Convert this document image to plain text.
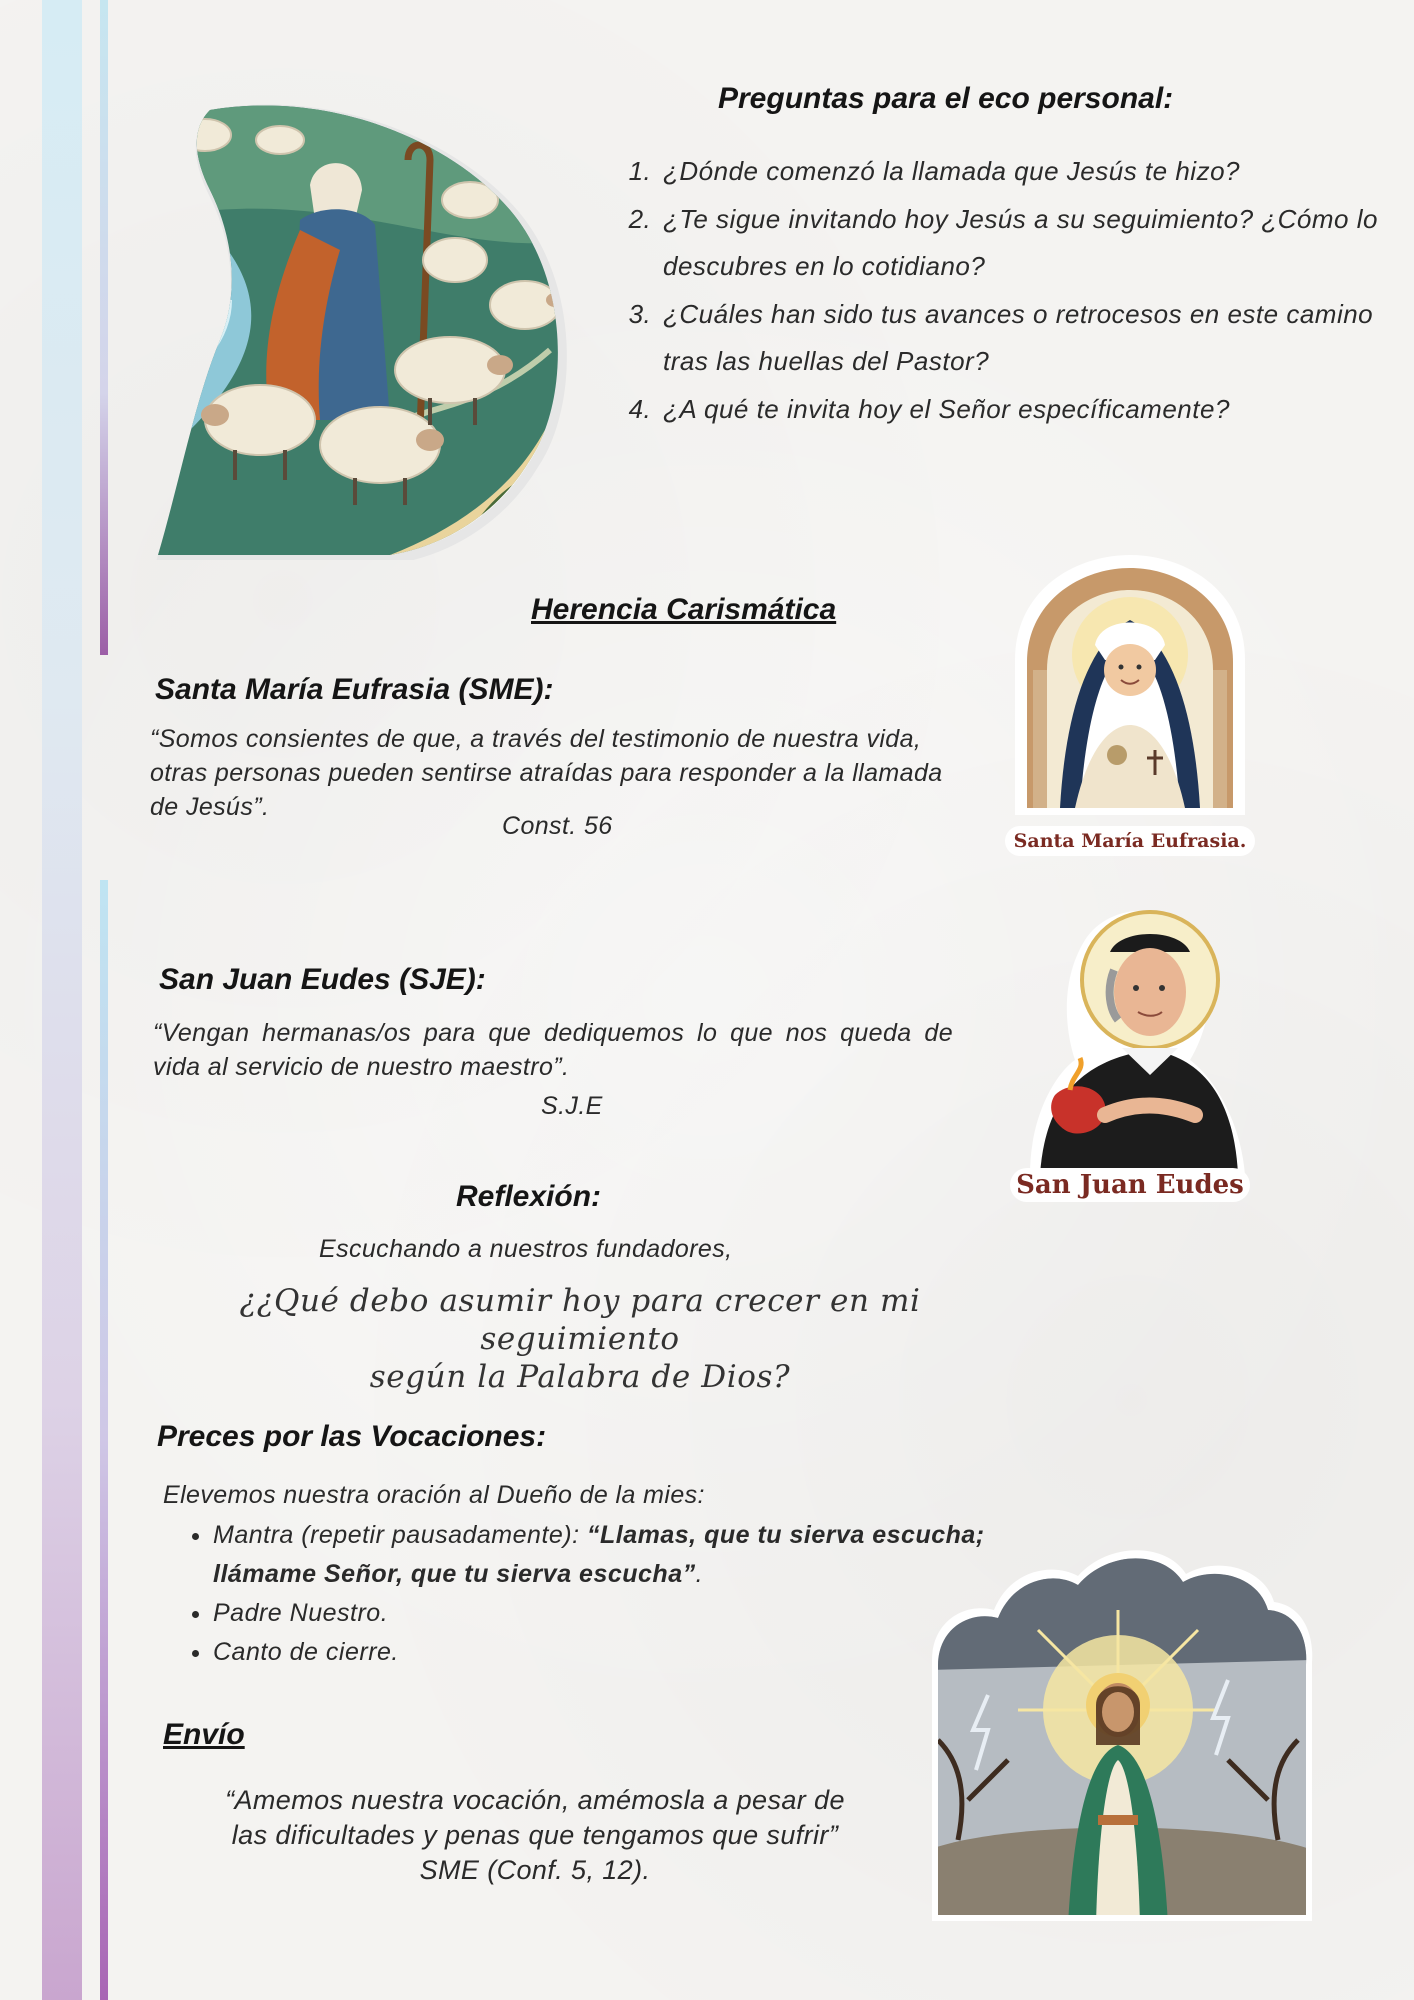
Preguntas para el eco personal:
1. ¿Dónde comenzó la llamada que Jesús te hizo?
2. ¿Te sigue invitando hoy Jesús a su seguimiento? ¿Cómo lo descubres en lo cotidiano?
3. ¿Cuáles han sido tus avances o retrocesos en este camino tras las huellas del Pastor?
4. ¿A qué te invita hoy el Señor específicamente?
Herencia Carismática
Santa María Eufrasia (SME):
“Somos consientes de que, a través del testimonio de nuestra vida, otras personas pueden sentirse atraídas para responder a la llamada de Jesús”.
Const. 56
Santa María Eufrasia.
San Juan Eudes (SJE):
“Vengan hermanas/os para que dediquemos lo que nos queda de vida al servicio de nuestro maestro”.
S.J.E
San Juan Eudes
Reflexión:
Escuchando a nuestros fundadores,
¿¿Qué debo asumir hoy para crecer en mi seguimiento
según la Palabra de Dios?
Preces por las Vocaciones:
Elevemos nuestra oración al Dueño de la mies:
• Mantra (repetir pausadamente): “Llamas, que tu sierva escucha; llámame Señor, que tu sierva escucha”.
• Padre Nuestro.
• Canto de cierre.
Envío
“Amemos nuestra vocación, amémosla a pesar de las dificultades y penas que tengamos que sufrir” SME (Conf. 5, 12).
